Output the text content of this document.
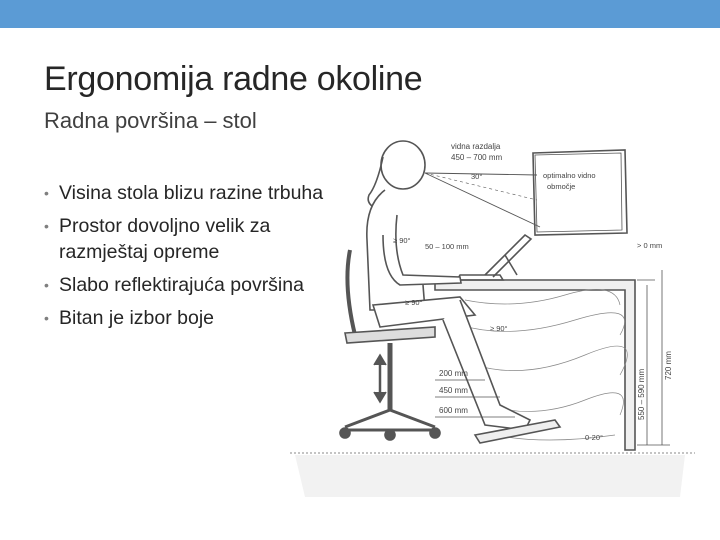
Ergonomija radne okoline
Radna površina – stol
• Visina stola blizu razine trbuha
• Prostor dovoljno velik za razmještaj opreme
• Slabo reflektirajuća površina
• Bitan je izbor boje
vidna razdalja
450 – 700 mm
30°	optimalno vidno
območje
≥ 90°
50 – 100 mm	> 0 mm
≥ 90°
≥ 90°
200 mm
450 mm
600 mm	550 – 590 mm
720 mm
0-20°
